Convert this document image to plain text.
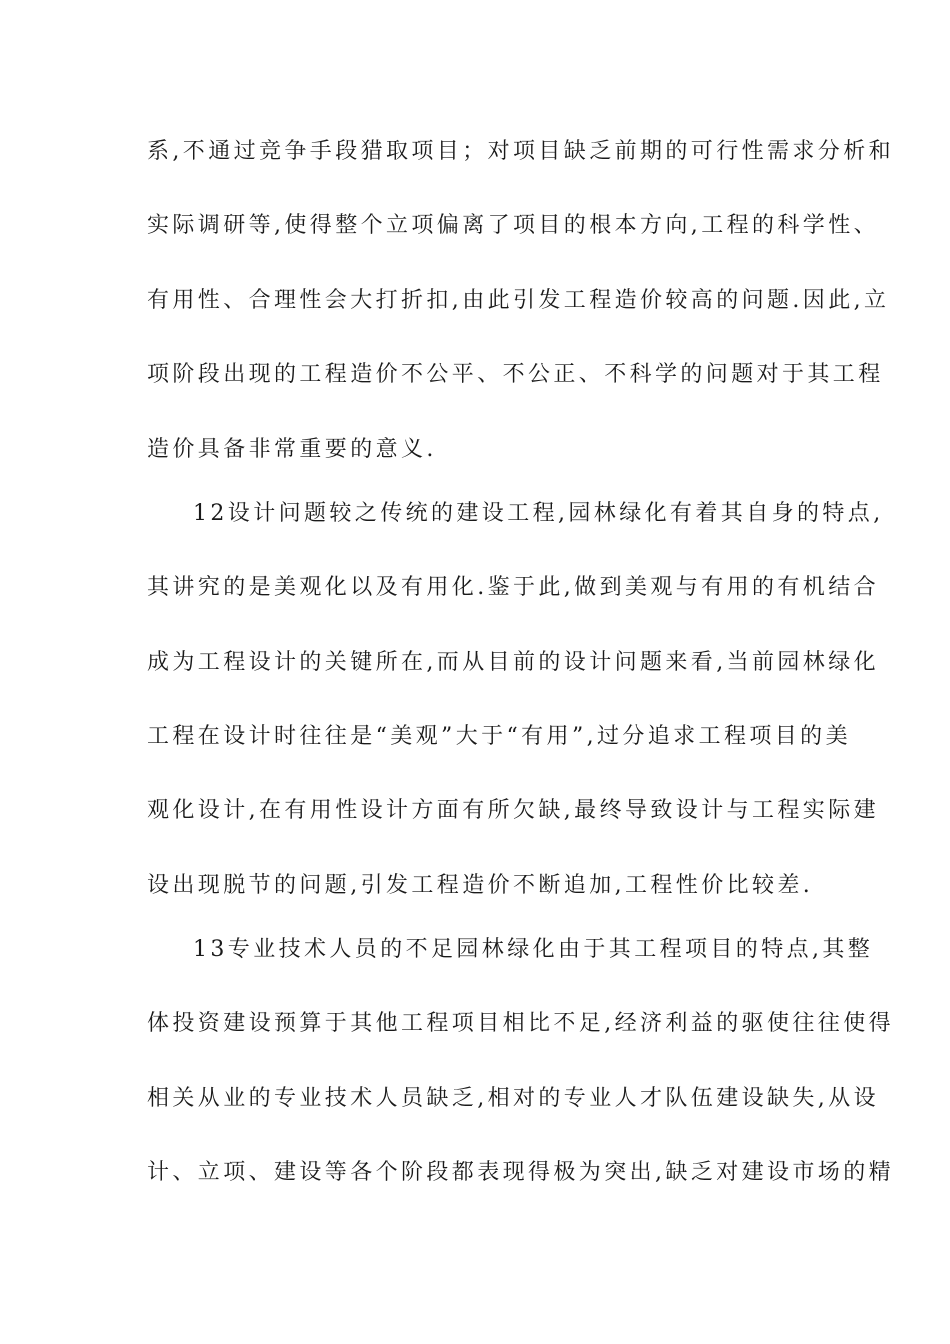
系,不通过竞争手段猎取项目；对项目缺乏前期的可行性需求分析和
实际调研等,使得整个立项偏离了项目的根本方向,工程的科学性、
有用性、合理性会大打折扣,由此引发工程造价较高的问题.因此,立
项阶段出现的工程造价不公平、不公正、不科学的问题对于其工程
造价具备非常重要的意义.
12设计问题较之传统的建设工程,园林绿化有着其自身的特点,
其讲究的是美观化以及有用化.鉴于此,做到美观与有用的有机结合
成为工程设计的关键所在,而从目前的设计问题来看,当前园林绿化
工程在设计时往往是“美观”大于“有用”,过分追求工程项目的美
观化设计,在有用性设计方面有所欠缺,最终导致设计与工程实际建
设出现脱节的问题,引发工程造价不断追加,工程性价比较差.
13专业技术人员的不足园林绿化由于其工程项目的特点,其整
体投资建设预算于其他工程项目相比不足,经济利益的驱使往往使得
相关从业的专业技术人员缺乏,相对的专业人才队伍建设缺失,从设
计、立项、建设等各个阶段都表现得极为突出,缺乏对建设市场的精
